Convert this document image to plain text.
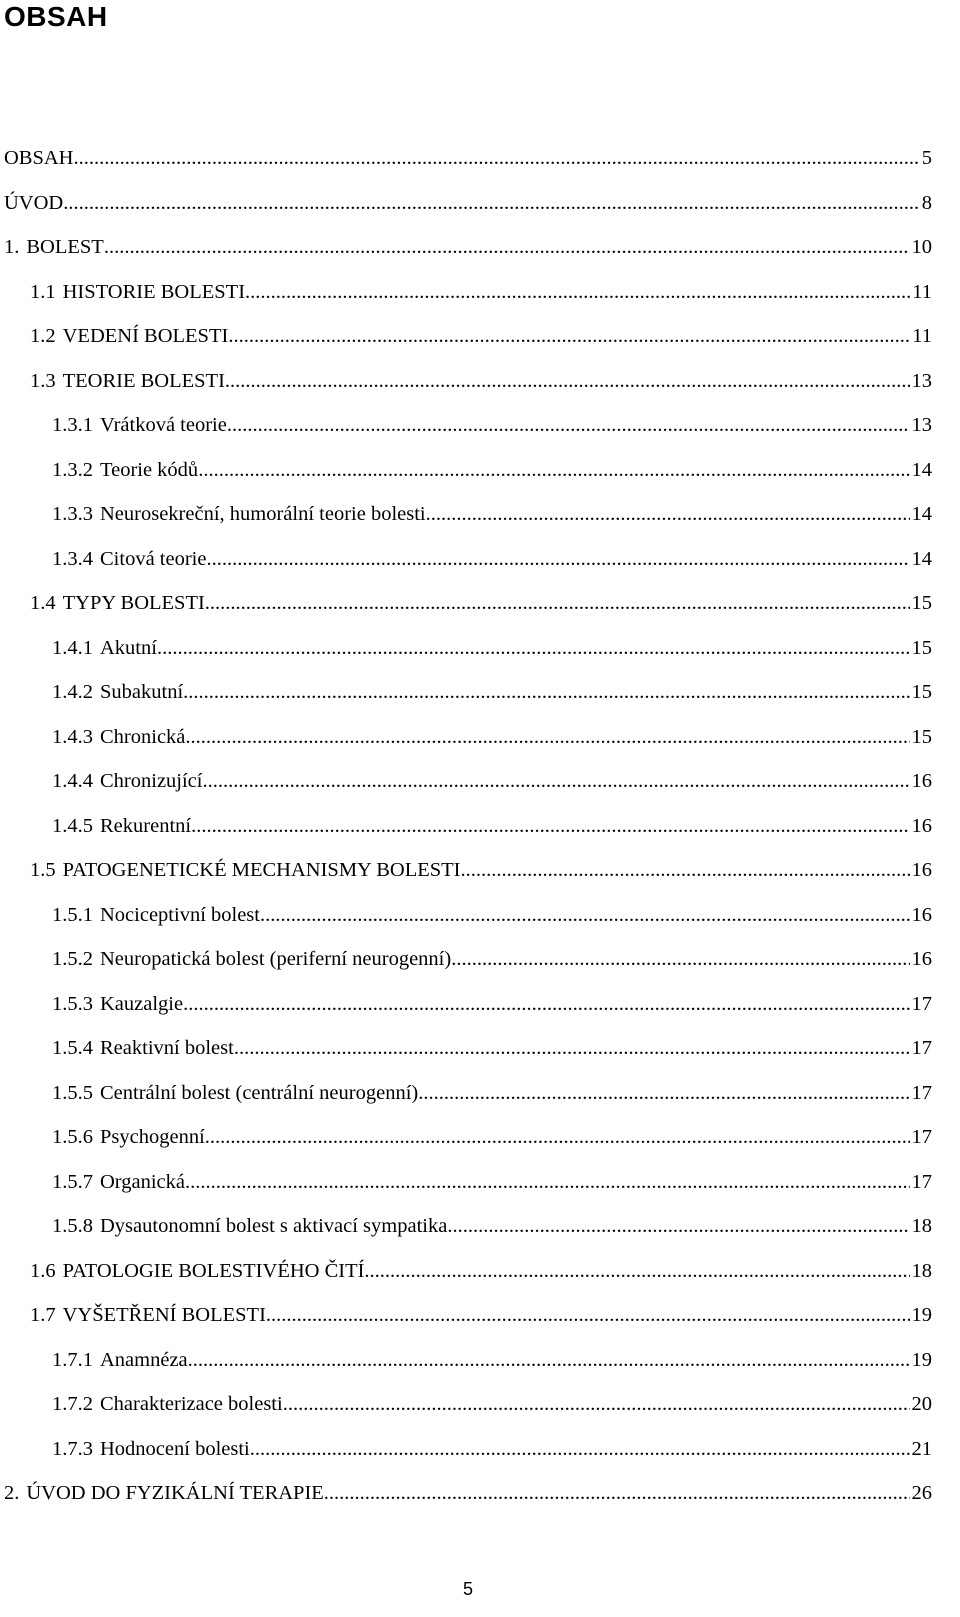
OBSAH
OBSAH .....	5
ÚVOD .....	8
1. BOLEST .....	10
1.1 HISTORIE BOLESTI .....	11
1.2 VEDENÍ BOLESTI .....	11
1.3 TEORIE BOLESTI .....	13
1.3.1 Vrátková teorie .....	13
1.3.2 Teorie kódů .....	14
1.3.3 Neurosekreční, humorální teorie bolesti .....	14
1.3.4 Citová teorie .....	14
1.4 TYPY BOLESTI .....	15
1.4.1 Akutní .....	15
1.4.2 Subakutní .....	15
1.4.3 Chronická .....	15
1.4.4 Chronizující .....	16
1.4.5 Rekurentní .....	16
1.5 PATOGENETICKÉ MECHANISMY BOLESTI .....	16
1.5.1 Nociceptivní bolest .....	16
1.5.2 Neuropatická bolest (periferní neurogenní) .....	16
1.5.3 Kauzalgie .....	17
1.5.4 Reaktivní bolest .....	17
1.5.5 Centrální bolest (centrální neurogenní) .....	17
1.5.6 Psychogenní .....	17
1.5.7 Organická .....	17
1.5.8 Dysautonomní bolest s aktivací sympatika .....	18
1.6 PATOLOGIE BOLESTIVÉHO ČITÍ .....	18
1.7 VYŠETŘENÍ BOLESTI .....	19
1.7.1 Anamnéza .....	19
1.7.2 Charakterizace bolesti .....	20
1.7.3 Hodnocení bolesti .....	21
2. ÚVOD DO FYZIKÁLNÍ TERAPIE .....	26
5
